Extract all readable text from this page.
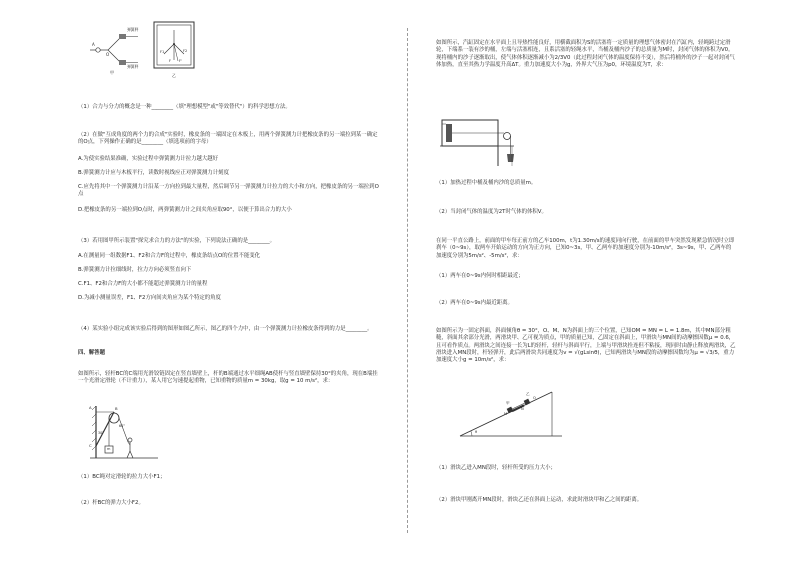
A
O
弹簧秤
弹簧秤
甲
F1	F2
F F'
乙
（1）合力与分力的概念是一种________（填"理想模型"或"等效替代"）的科学思想方法。
（2）在做"互成角度的两个力的合成"实验时，橡皮条的一端固定在木板上，用两个弹簧测力计把橡皮条的另一端拉到某一确定的O点，下列操作正确的是________（填选项前的字母）
A.为使实验结果准确，实验过程中弹簧测力计拉力越大越好
B.弹簧测力计应与木板平行，读数时视线应正对弹簧测力计刻度
C.应先将其中一个弹簧测力计沿某一方向拉到最大量程，然后调节另一弹簧测力计拉力的大小和方向，把橡皮条的另一端拉到O点
D.把橡皮条的另一端拉到O点时，两弹簧测力计之间夹角应取90°，以便于算出合力的大小
（3）若用图甲所示装置"探究求合力的方法"的实验，下列说法正确的是________。
A.在测量同一组数据F1、F2和合力F的过程中，橡皮条结点O的位置不能变化
B.弹簧测力计拉细线时，拉力方向必须竖直向下
C.F1、F2和合力F的大小都不能超过弹簧测力计的量程
D.为减小测量误差，F1、F2方向间夹角应为某个特定的角度
（4）某实验小组完成该实验后得到的图形如图乙所示，图乙的四个力中，由一个弹簧测力计拉橡皮条得到的力是________。
四、解答题
如图所示，轻杆BC的C端用光滑铰链固定在竖直墙壁上，杆的B端通过水平细绳AB使杆与竖直墙壁保持30°的夹角，现在B端挂一个光滑定滑轮（不计重力），某人用它匀速提起重物，已知重物的质量m = 30kg，取g = 10 m/s²，求：
A	B
C
30°
60°
m
（1）BC绳对定滑轮的拉力大小F1；
（2）杆BC的弹力大小F2。
如图所示，汽缸固定在水平面上且导热性能良好，用横截面积为S的活塞将一定质量的理想气体密封在汽缸内，轻绳跨过定滑轮，下端系一装有沙的桶，左端与活塞相连，且系活塞的轻绳水平，当桶及桶内沙子的总质量为M时，封闭气体的体积为V0。现将桶内的沙子逐渐取出，使气体体积逐渐减小为2/3V0（此过程封闭气体的温度保持不变），然后将桶外的沙子一起对封闭气体加热，直至其热力学温度升高ΔT。重力加速度大小为g，外界大气压为p0，环境温度为T，求：
（1）加热过程中桶及桶内沙的总质量m。
（2）当封闭气体的温度为2T时气体的体积V。
在同一平直公路上，前面的甲车每正前方的乙车100m，t为1.30m/s的速度同向行驶，在前面的甲车突然发现紧急情况时立即刹车（0~9s），取两车开始运动的方向为正方向，已知0~3s，甲、乙两车的加速度分别为-10m/s²，3s~9s，甲、乙两车的加速度分别为5m/s²、-5m/s²，求：
（1）两车在0~9s内何时相距最近；
（2）两车在0~9s内最近距离。
如图所示为一固定斜面，斜面倾角θ = 30°，O、M、N为斜面上的三个位置，已知OM = MN = L = 1.8m，其中MN部分粗糙，斜面其余部分光滑，两滑块甲、乙可视为质点，甲的质量已知，乙固定在斜面上，甲滑块与MN间的动摩擦因数μ = 0.6，且可看作质点。两滑块之间连接一长为L的轻杆，轻杆与斜面平行，上端与甲滑块拴连但不粘接，现同时由静止释放两滑块，乙滑块进入MN段时，杆轻弹开，此后两滑块共同速度为v = √(gLsinθ)，已知两滑块与MN段的动摩擦因数均为μ = √3/5，重力加速度大小g = 10m/s²，求：
M
N
O
甲
乙
θ
（1）滑块乙进入MN段时，轻杆所受的压力大小；
（2）滑块甲刚离开MN段时，滑块乙还在斜面上运动，求此时滑块甲和乙之间的距离。
